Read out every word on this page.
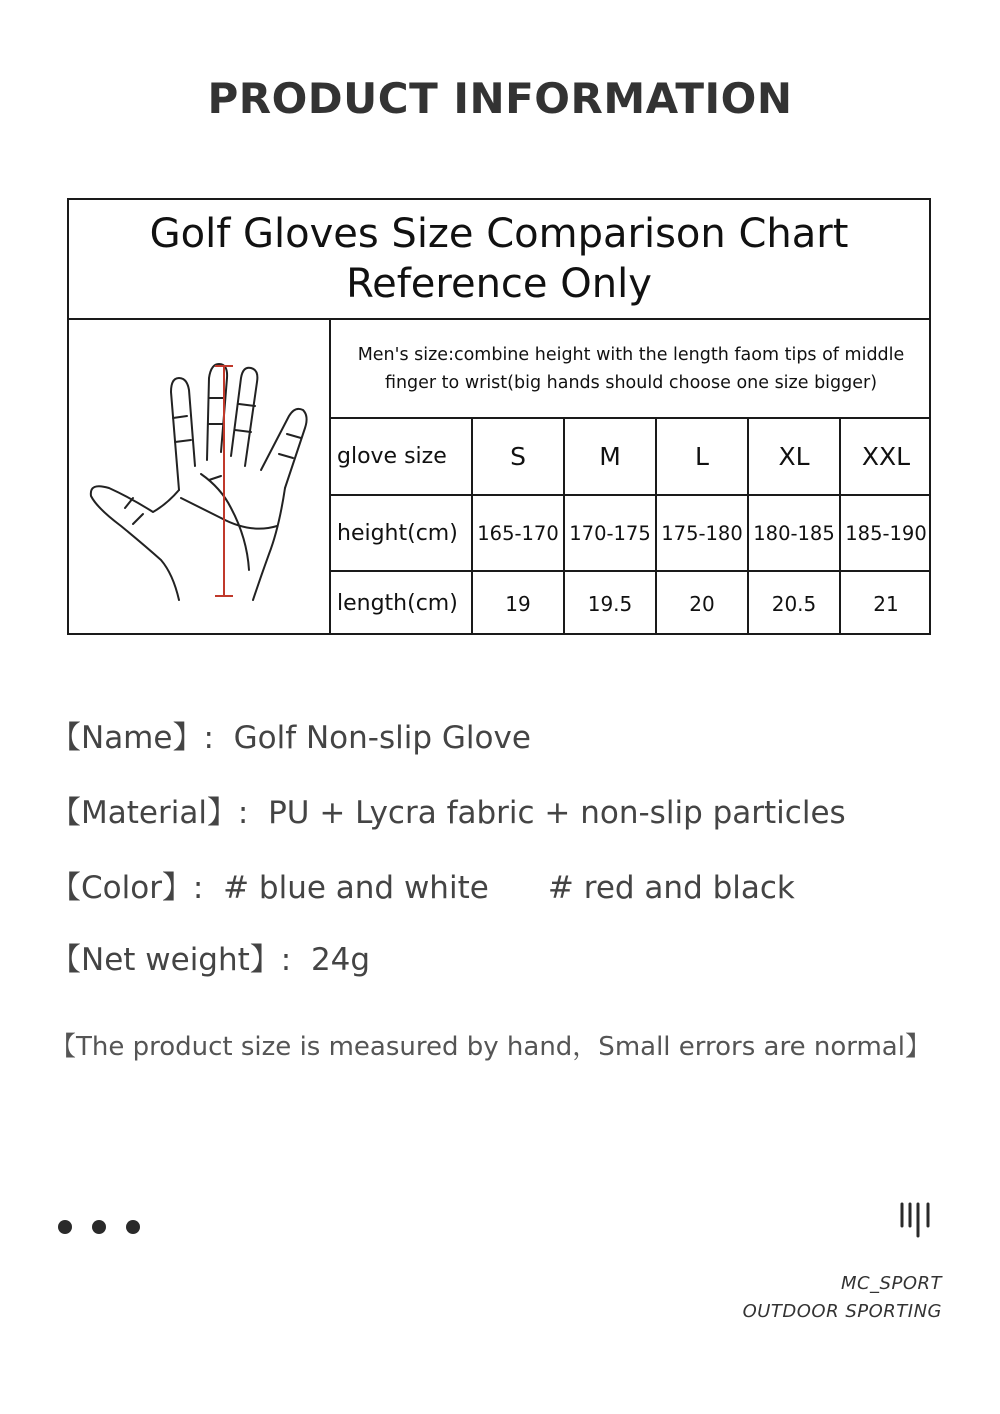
PRODUCT INFORMATION
Golf Gloves Size Comparison Chart
Reference Only
Men's size:combine height with the length faom tips of middle
finger to wrist(big hands should choose one size bigger)
glove size	S	M	L	XL	XXL
height(cm)	165-170	170-175	175-180	180-185	185-190
length(cm)	19	19.5	20	20.5	21
【Name】:  Golf Non-slip Glove
【Material】:  PU + Lycra fabric + non-slip particles
【Color】:  # blue and white      # red and black
【Net weight】:  24g
【The product size is measured by hand，Small errors are normal】
MC_SPORT
OUTDOOR SPORTING
